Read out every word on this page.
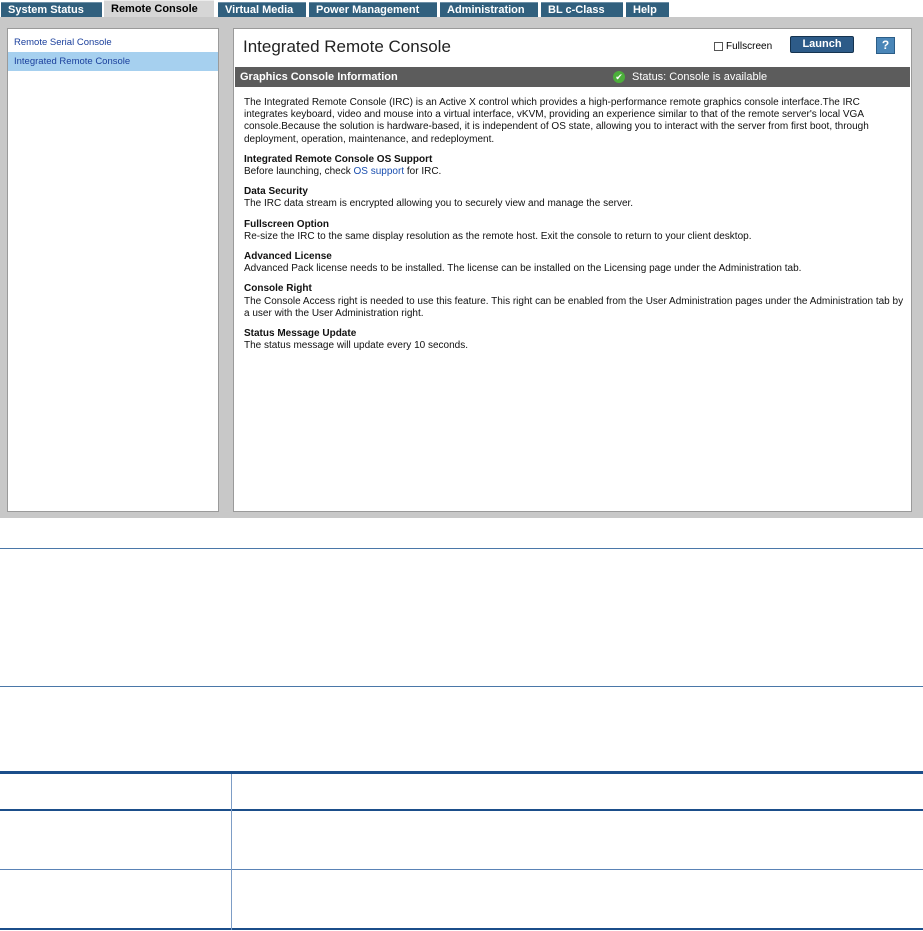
System Status	Remote Console	Virtual Media	Power Management	Administration	BL c-Class	Help
Remote Serial Console
Integrated Remote Console
Integrated Remote Console	Fullscreen	Launch	?
Graphics Console Information	✔ Status: Console is available

The Integrated Remote Console (IRC) is an Active X control which provides a high-performance remote graphics console interface.The IRC integrates keyboard, video and mouse into a virtual interface, vKVM, providing an experience similar to that of the remote server's local VGA console.Because the solution is hardware-based, it is independent of OS state, allowing you to interact with the server from first boot, through deployment, operation, maintenance, and redeployment.

Integrated Remote Console OS Support
Before launching, check OS support for IRC.

Data Security
The IRC data stream is encrypted allowing you to securely view and manage the server.

Fullscreen Option
Re-size the IRC to the same display resolution as the remote host. Exit the console to return to your client desktop.

Advanced License
Advanced Pack license needs to be installed. The license can be installed on the Licensing page under the Administration tab.

Console Right
The Console Access right is needed to use this feature. This right can be enabled from the User Administration pages under the Administration tab by a user with the User Administration right.

Status Message Update
The status message will update every 10 seconds.
